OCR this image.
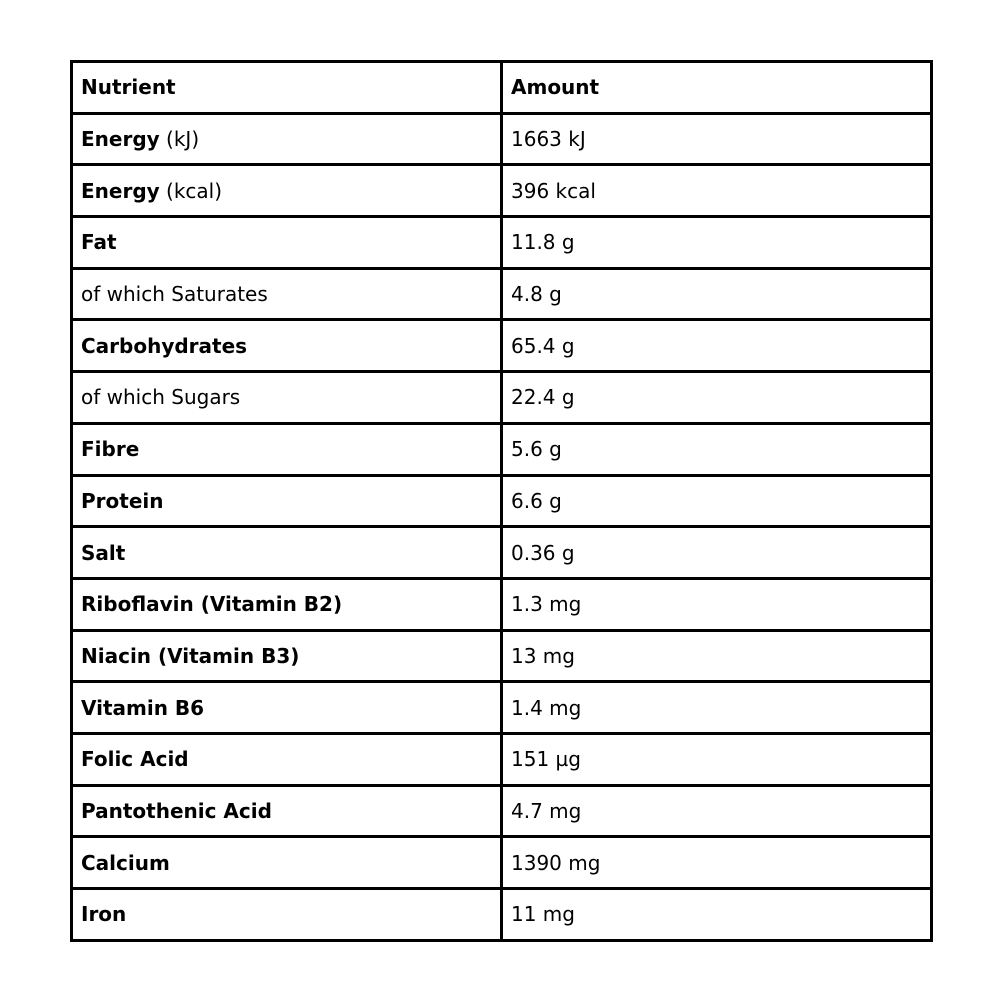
Nutrient	Amount
Energy (kJ)	1663 kJ
Energy (kcal)	396 kcal
Fat	11.8 g
of which Saturates	4.8 g
Carbohydrates	65.4 g
of which Sugars	22.4 g
Fibre	5.6 g
Protein	6.6 g
Salt	0.36 g
Riboflavin (Vitamin B2)	1.3 mg
Niacin (Vitamin B3)	13 mg
Vitamin B6	1.4 mg
Folic Acid	151 µg
Pantothenic Acid	4.7 mg
Calcium	1390 mg
Iron	11 mg
